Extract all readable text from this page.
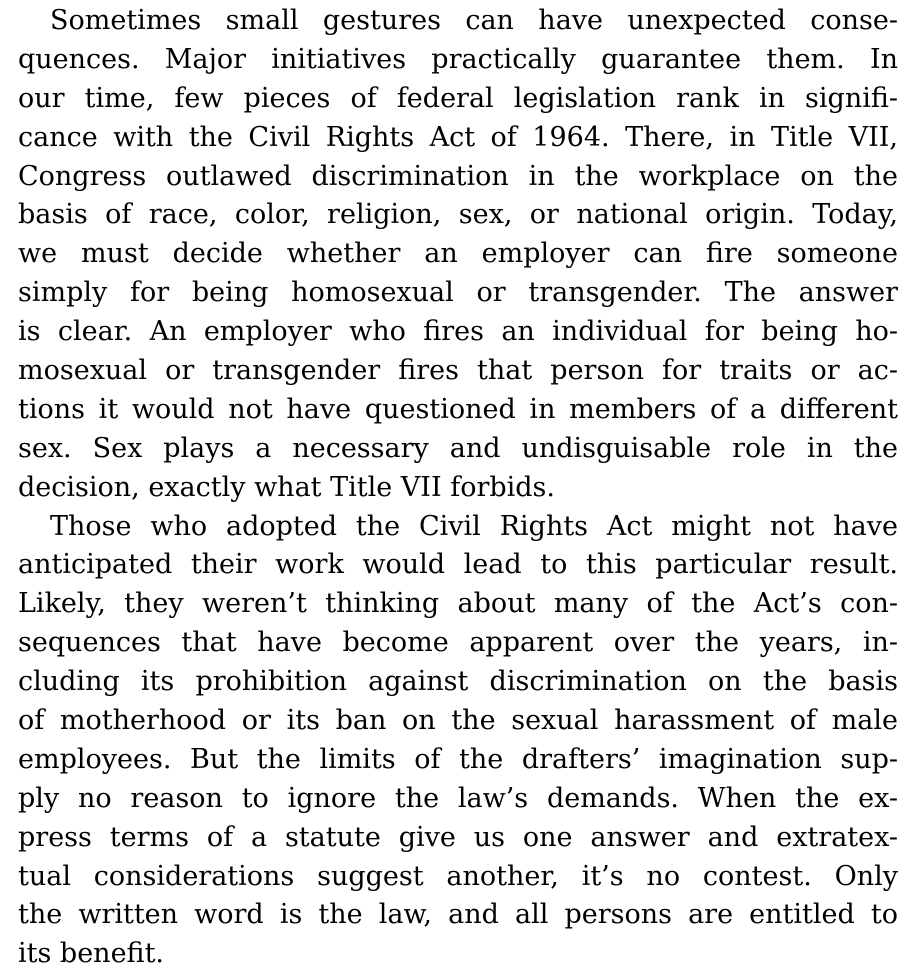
Sometimes small gestures can have unexpected conse-
quences. Major initiatives practically guarantee them. In
our time, few pieces of federal legislation rank in signifi-
cance with the Civil Rights Act of 1964. There, in Title VII,
Congress outlawed discrimination in the workplace on the
basis of race, color, religion, sex, or national origin. Today,
we must decide whether an employer can fire someone
simply for being homosexual or transgender. The answer
is clear. An employer who fires an individual for being ho-
mosexual or transgender fires that person for traits or ac-
tions it would not have questioned in members of a different
sex. Sex plays a necessary and undisguisable role in the
decision, exactly what Title VII forbids.
Those who adopted the Civil Rights Act might not have
anticipated their work would lead to this particular result.
Likely, they weren’t thinking about many of the Act’s con-
sequences that have become apparent over the years, in-
cluding its prohibition against discrimination on the basis
of motherhood or its ban on the sexual harassment of male
employees. But the limits of the drafters’ imagination sup-
ply no reason to ignore the law’s demands. When the ex-
press terms of a statute give us one answer and extratex-
tual considerations suggest another, it’s no contest. Only
the written word is the law, and all persons are entitled to
its benefit.
